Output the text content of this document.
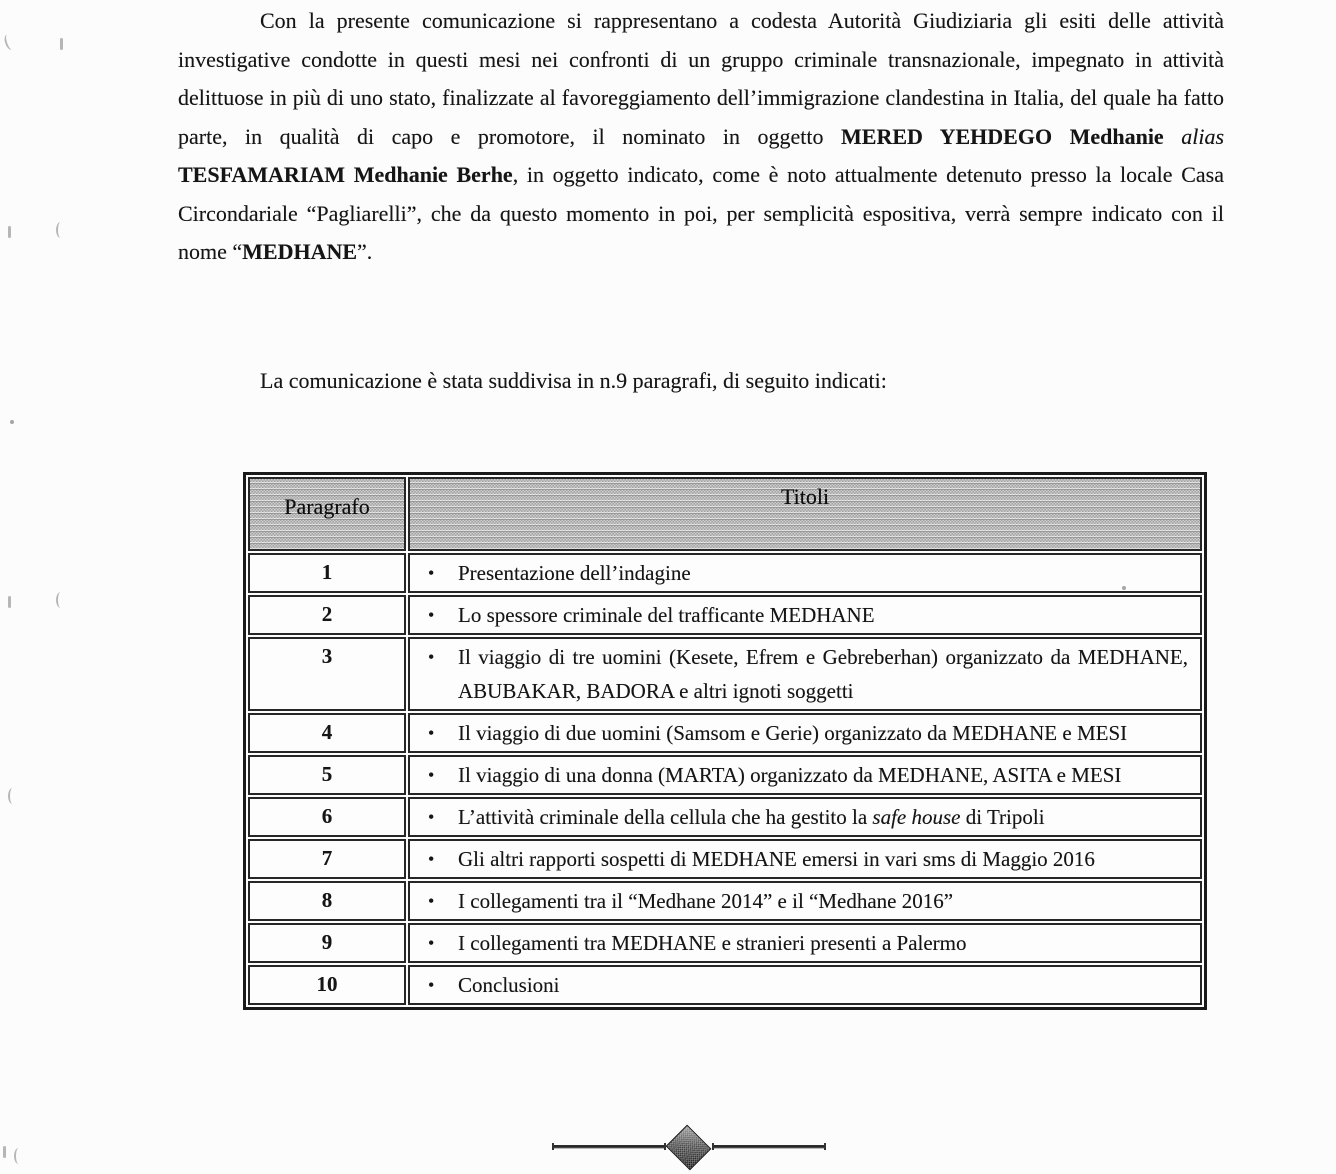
Con la presente comunicazione si rappresentano a codesta Autorità Giudiziaria gli esiti delle attività investigative condotte in questi mesi nei confronti di un gruppo criminale transnazionale, impegnato in attività delittuose in più di uno stato, finalizzate al favoreggiamento dell’immigrazione clandestina in Italia, del quale ha fatto parte, in qualità di capo e promotore, il nominato in oggetto MERED YEHDEGO Medhanie alias TESFAMARIAM Medhanie Berhe, in oggetto indicato, come è noto attualmente detenuto presso la locale Casa Circondariale “Pagliarelli”, che da questo momento in poi, per semplicità espositiva, verrà sempre indicato con il nome “MEDHANE”.

La comunicazione è stata suddivisa in n.9 paragrafi, di seguito indicati:

Paragrafo	Titoli
1	• Presentazione dell’indagine
2	• Lo spessore criminale del trafficante MEDHANE
3	• Il viaggio di tre uomini (Kesete, Efrem e Gebreberhan) organizzato da MEDHANE, ABUBAKAR, BADORA e altri ignoti soggetti
4	• Il viaggio di due uomini (Samsom e Gerie) organizzato da MEDHANE e MESI
5	• Il viaggio di una donna (MARTA) organizzato da MEDHANE, ASITA e MESI
6	• L’attività criminale della cellula che ha gestito la safe house di Tripoli
7	• Gli altri rapporti sospetti di MEDHANE emersi in vari sms di Maggio 2016
8	• I collegamenti tra il “Medhane 2014” e il “Medhane 2016”
9	• I collegamenti tra MEDHANE e stranieri presenti a Palermo
10	• Conclusioni
